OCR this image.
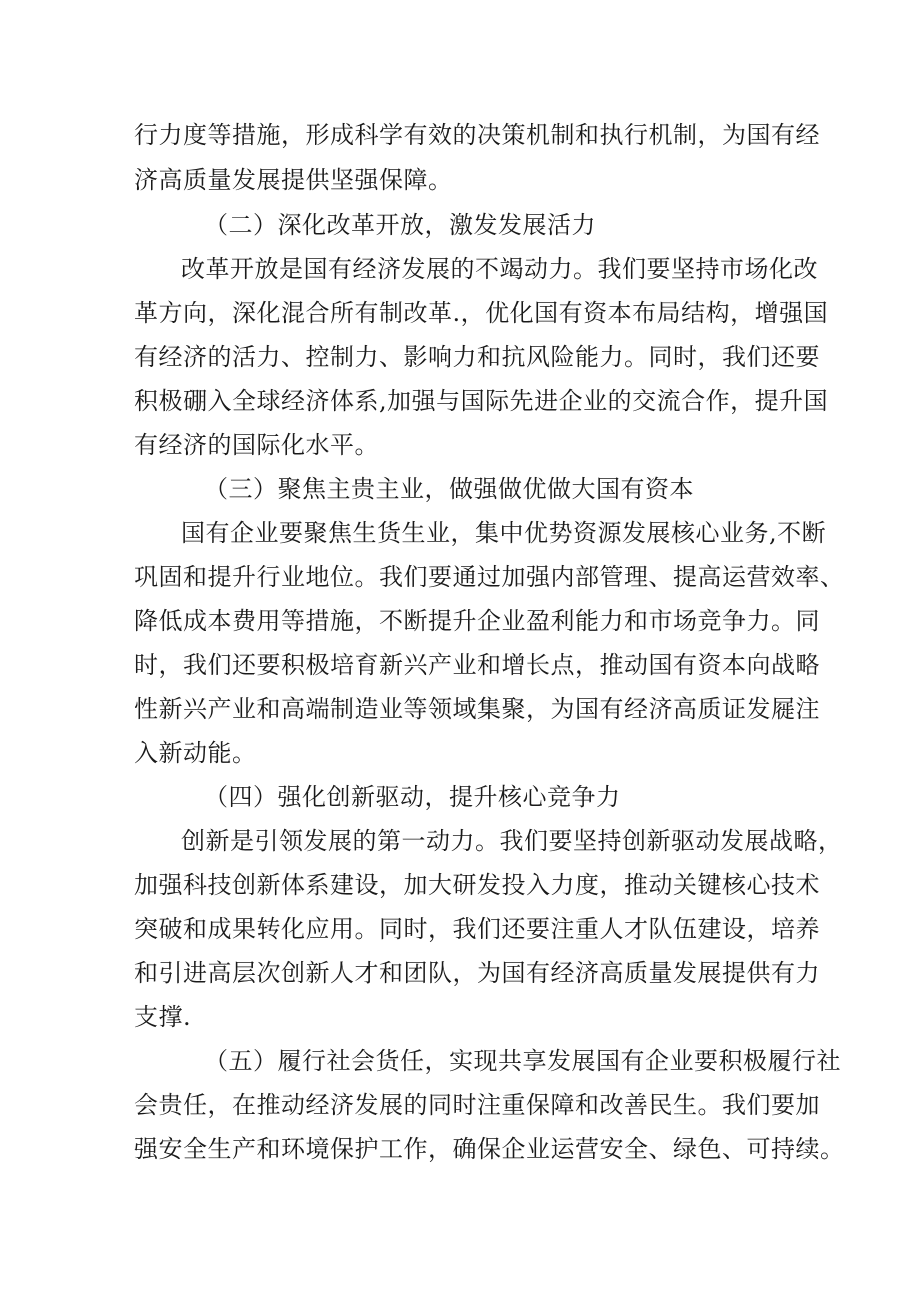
行力度等措施，形成科学有效的决策机制和执行机制，为国有经
济高质量发展提供坚强保障。
（二）深化改革开放，激发发展活力
改革开放是国有经济发展的不竭动力。我们要坚持市场化改
革方向，深化混合所有制改革.，优化国有资本布局结构，增强国
有经济的活力、控制力、影响力和抗风险能力。同时，我们还要
积极硼入全球经济体系,加强与国际先进企业的交流合作，提升国
有经济的国际化水平。
（三）聚焦主贵主业，做强做优做大国有资本
国有企业要聚焦生货生业，集中优势资源发展核心业务,不断
巩固和提升行业地位。我们要通过加强内部管理、提高运营效率、
降低成本费用等措施，不断提升企业盈利能力和市场竞争力。同
时，我们还要积极培育新兴产业和增长点，推动国有资本向战略
性新兴产业和高端制造业等领域集聚，为国有经济高质证发屣注
入新动能。
（四）强化创新驱动，提升核心竞争力
创新是引领发展的第一动力。我们要坚持创新驱动发展战略，
加强科技创新体系建设，加大研发投入力度，推动关键核心技术
突破和成果转化应用。同时，我们还要注重人才队伍建设，培养
和引进高层次创新人才和团队，为国有经济高质量发展提供有力
支撑.
（五）履行社会货任，实现共享发展国有企业要积极履行社
会贵任，在推动经济发展的同时注重保障和改善民生。我们要加
强安全生产和环境保护工作，确保企业运营安全、绿色、可持续。
